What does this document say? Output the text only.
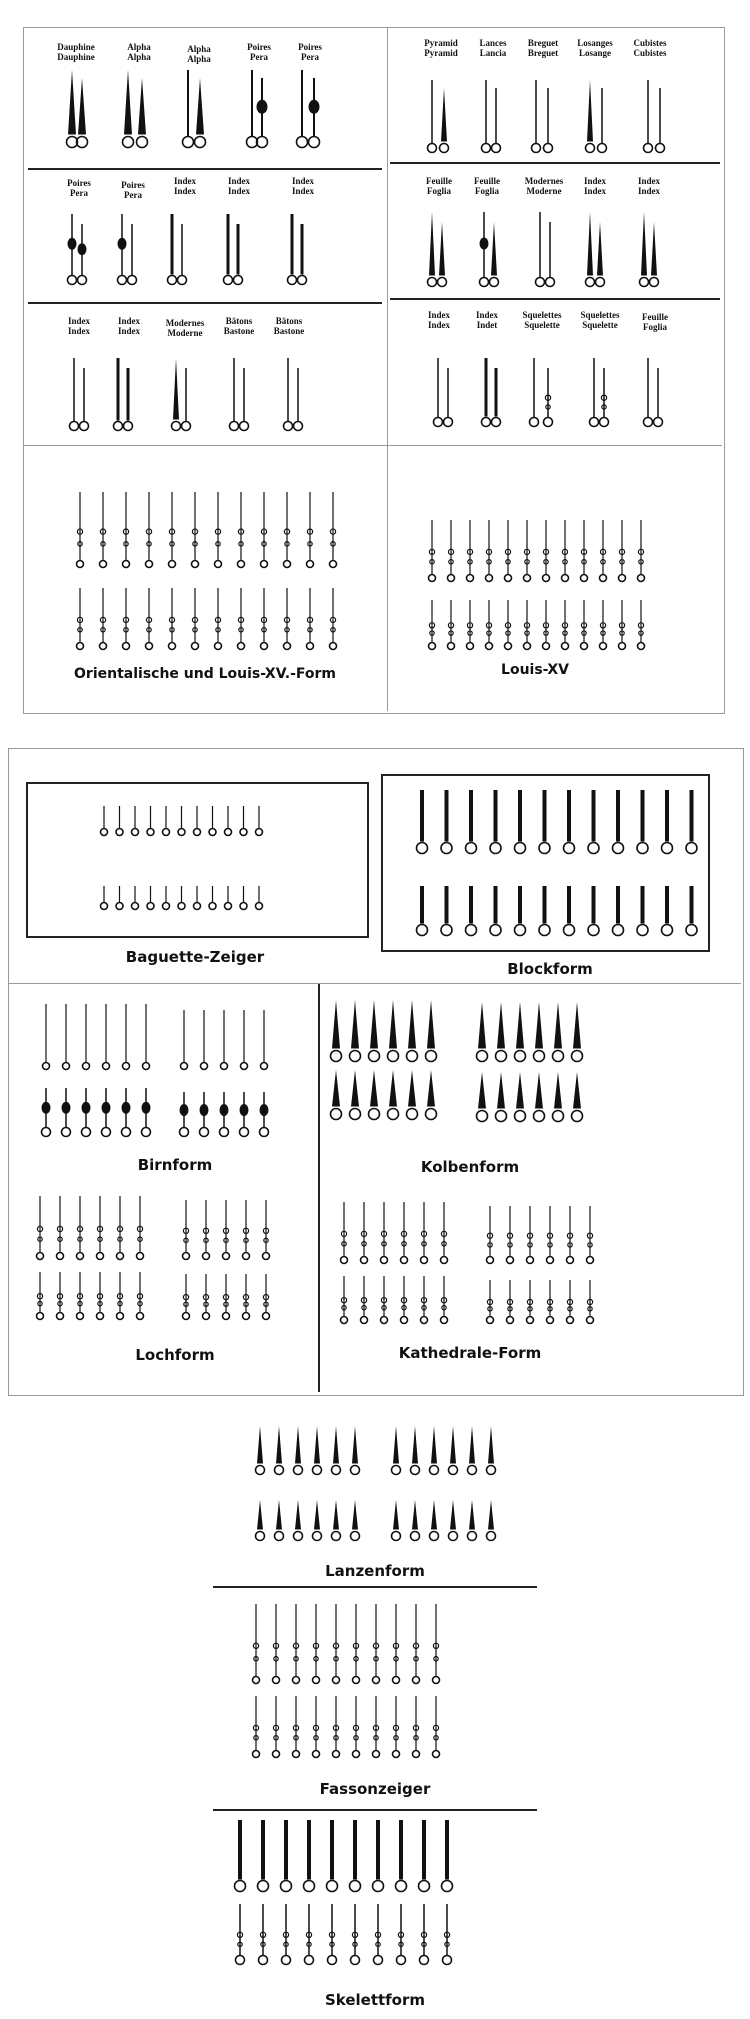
Dauphine
Dauphine
Alpha
Alpha
Alpha
Alpha
Poires
Pera
Poires
Pera
Poires
Pera
Poires
Pera
Index
Index
Index
Index
Index
Index
Index
Index
Index
Index
Modernes
Moderne
Bâtons
Bastone
Bâtons
Bastone
Pyramid
Pyramid
Lances
Lancia
Breguet
Breguet
Losanges
Losange
Cubistes
Cubistes
Feuille
Foglia
Feuille
Foglia
Modernes
Moderne
Index
Index
Index
Index
Index
Index
Index
Indet
Squelettes
Squelette
Squelettes
Squelette
Feuille
Foglia
Orientalische und Louis-XV.-Form	Louis-XV
Baguette-Zeiger
Blockform
Birnform	Kolbenform
Lochform	Kathedrale-Form
Lanzenform
Fassonzeiger
Skelettform
